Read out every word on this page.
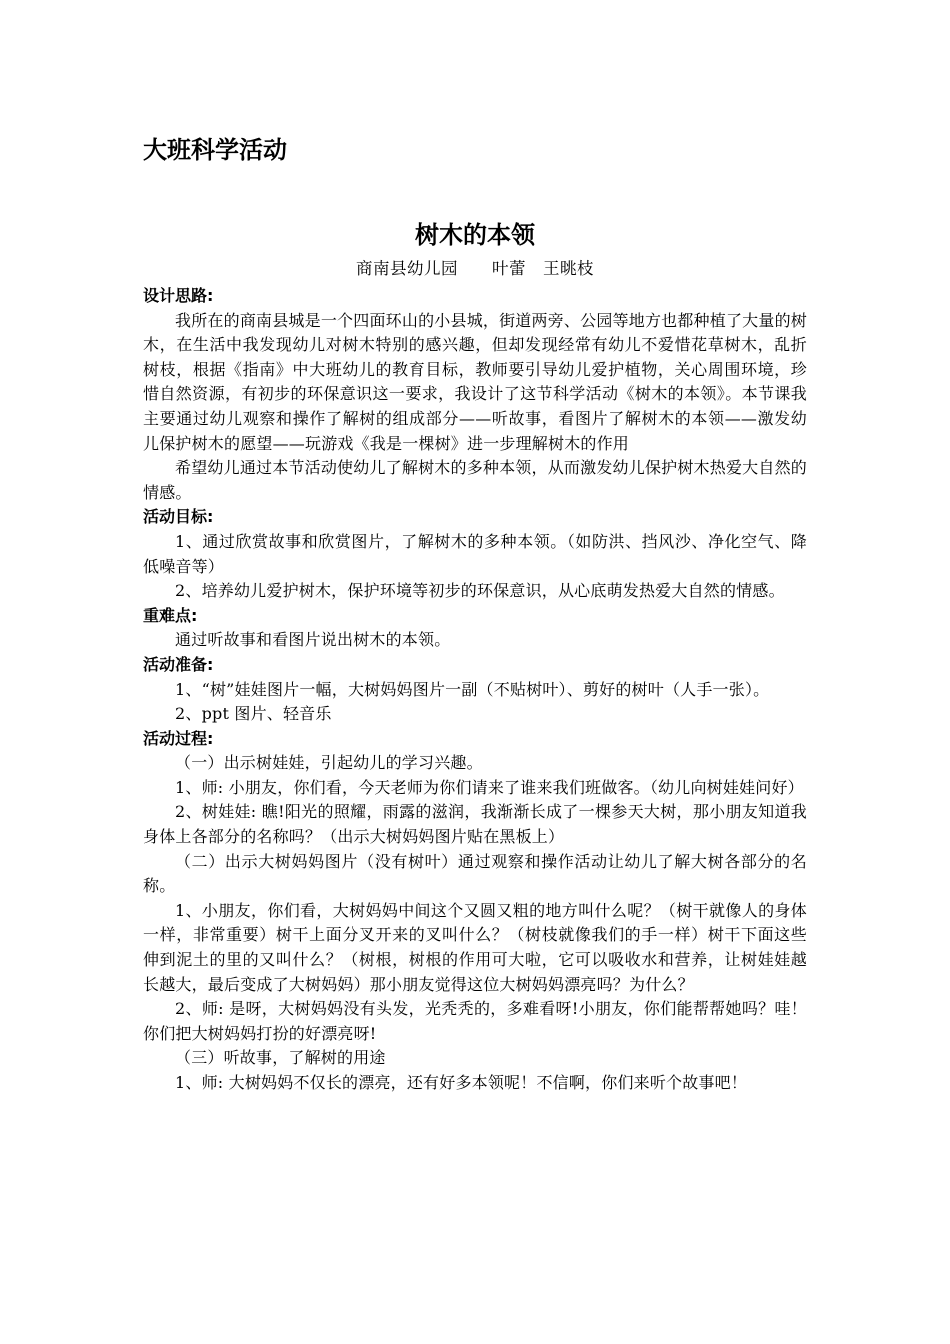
大班科学活动

树木的本领

商南县幼儿园　　叶蕾　王晀枝

设计思路:

我所在的商南县城是一个四面环山的小县城，街道两旁、公园等地方也都种植了大量的树木，在生活中我发现幼儿对树木特别的感兴趣，但却发现经常有幼儿不爱惜花草树木，乱折树枝，根据《指南》中大班幼儿的教育目标，教师要引导幼儿爱护植物，关心周围环境，珍惜自然资源，有初步的环保意识这一要求，我设计了这节科学活动《树木的本领》。本节课我主要通过幼儿观察和操作了解树的组成部分——听故事，看图片了解树木的本领——激发幼儿保护树木的愿望——玩游戏《我是一棵树》进一步理解树木的作用

希望幼儿通过本节活动使幼儿了解树木的多种本领，从而激发幼儿保护树木热爱大自然的情感。

活动目标:

1、通过欣赏故事和欣赏图片，了解树木的多种本领。（如防洪、挡风沙、净化空气、降低噪音等）

2、培养幼儿爱护树木，保护环境等初步的环保意识，从心底萌发热爱大自然的情感。

重难点:

通过听故事和看图片说出树木的本领。

活动准备:

1、“树”娃娃图片一幅，大树妈妈图片一副（不贴树叶）、剪好的树叶（人手一张）。

2、ppt 图片、轻音乐

活动过程:

（一）出示树娃娃，引起幼儿的学习兴趣。

1、师: 小朋友，你们看，今天老师为你们请来了谁来我们班做客。（幼儿向树娃娃问好）

2、树娃娃: 瞧!阳光的照耀，雨露的滋润，我渐渐长成了一棵参天大树，那小朋友知道我身体上各部分的名称吗？（出示大树妈妈图片贴在黑板上）

（二）出示大树妈妈图片（没有树叶）通过观察和操作活动让幼儿了解大树各部分的名称。

1、小朋友，你们看，大树妈妈中间这个又圆又粗的地方叫什么呢？（树干就像人的身体一样，非常重要）树干上面分叉开来的叉叫什么？（树枝就像我们的手一样）树干下面这些伸到泥土的里的又叫什么？（树根，树根的作用可大啦，它可以吸收水和营养，让树娃娃越长越大，最后变成了大树妈妈）那小朋友觉得这位大树妈妈漂亮吗？为什么？

2、师: 是呀，大树妈妈没有头发，光秃秃的，多难看呀!小朋友，你们能帮帮她吗？哇！你们把大树妈妈打扮的好漂亮呀!

（三）听故事，了解树的用途

1、师: 大树妈妈不仅长的漂亮，还有好多本领呢！不信啊，你们来听个故事吧！
